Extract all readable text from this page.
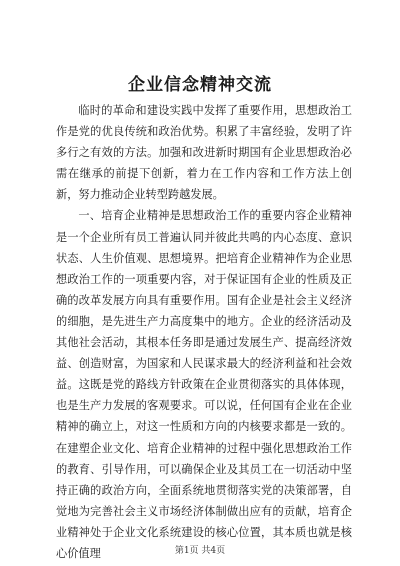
企业信念精神交流

临时的革命和建设实践中发挥了重要作用，思想政治工作是党的优良传统和政治优势。积累了丰富经验，发明了许多行之有效的方法。加强和改进新时期国有企业思想政治必需在继承的前提下创新，着力在工作内容和工作方法上创新，努力推动企业转型跨越发展。

一、培育企业精神是思想政治工作的重要内容企业精神是一个企业所有员工普遍认同并彼此共鸣的内心态度、意识状态、人生价值观、思想境界。把培育企业精神作为企业思想政治工作的一项重要内容，对于保证国有企业的性质及正确的改革发展方向具有重要作用。国有企业是社会主义经济的细胞，是先进生产力高度集中的地方。企业的经济活动及其他社会活动，其根本任务即是通过发展生产、提高经济效益、创造财富，为国家和人民谋求最大的经济利益和社会效益。这既是党的路线方针政策在企业贯彻落实的具体体现，也是生产力发展的客观要求。可以说，任何国有企业在企业精神的确立上，对这一性质和方向的内核要求都是一致的。在建塑企业文化、培育企业精神的过程中强化思想政治工作的教育、引导作用，可以确保企业及其员工在一切活动中坚持正确的政治方向，全面系统地贯彻落实党的决策部署，自觉地为完善社会主义市场经济体制做出应有的贡献，培育企业精神处于企业文化系统建设的核心位置，其本质也就是核心价值理	第1页 共4页
